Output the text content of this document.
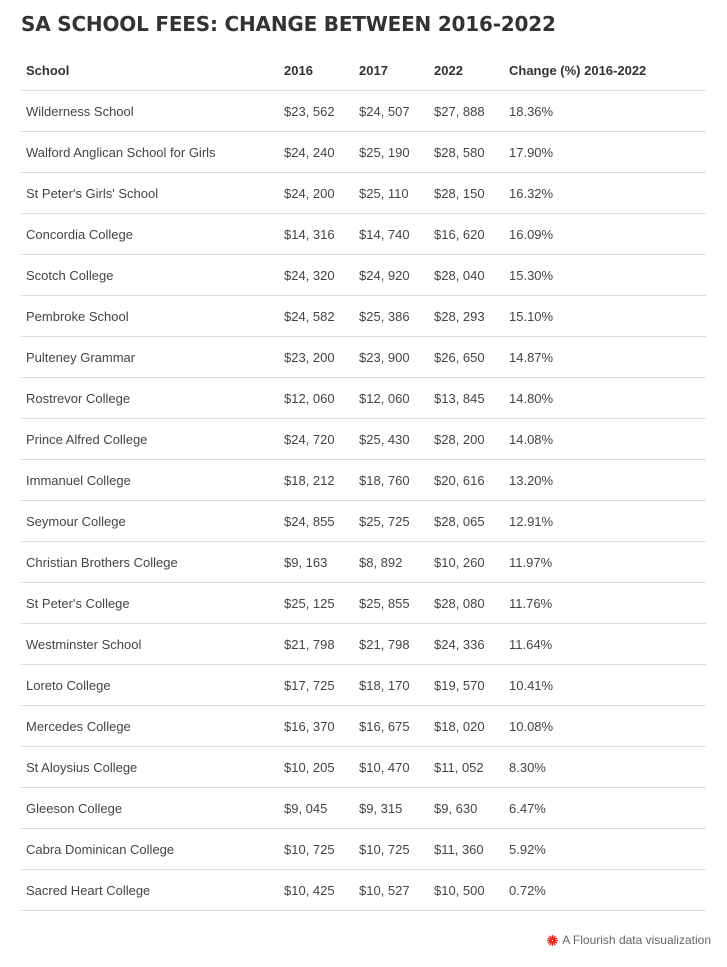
SA SCHOOL FEES: CHANGE BETWEEN 2016-2022
School	2016	2017	2022	Change (%) 2016-2022
Wilderness School	$23, 562	$24, 507	$27, 888	18.36%
Walford Anglican School for Girls	$24, 240	$25, 190	$28, 580	17.90%
St Peter's Girls' School	$24, 200	$25, 110	$28, 150	16.32%
Concordia College	$14, 316	$14, 740	$16, 620	16.09%
Scotch College	$24, 320	$24, 920	$28, 040	15.30%
Pembroke School	$24, 582	$25, 386	$28, 293	15.10%
Pulteney Grammar	$23, 200	$23, 900	$26, 650	14.87%
Rostrevor College	$12, 060	$12, 060	$13, 845	14.80%
Prince Alfred College	$24, 720	$25, 430	$28, 200	14.08%
Immanuel College	$18, 212	$18, 760	$20, 616	13.20%
Seymour College	$24, 855	$25, 725	$28, 065	12.91%
Christian Brothers College	$9, 163	$8, 892	$10, 260	11.97%
St Peter's College	$25, 125	$25, 855	$28, 080	11.76%
Westminster School	$21, 798	$21, 798	$24, 336	11.64%
Loreto College	$17, 725	$18, 170	$19, 570	10.41%
Mercedes College	$16, 370	$16, 675	$18, 020	10.08%
St Aloysius College	$10, 205	$10, 470	$11, 052	8.30%
Gleeson College	$9, 045	$9, 315	$9, 630	6.47%
Cabra Dominican College	$10, 725	$10, 725	$11, 360	5.92%
Sacred Heart College	$10, 425	$10, 527	$10, 500	0.72%
A Flourish data visualization
